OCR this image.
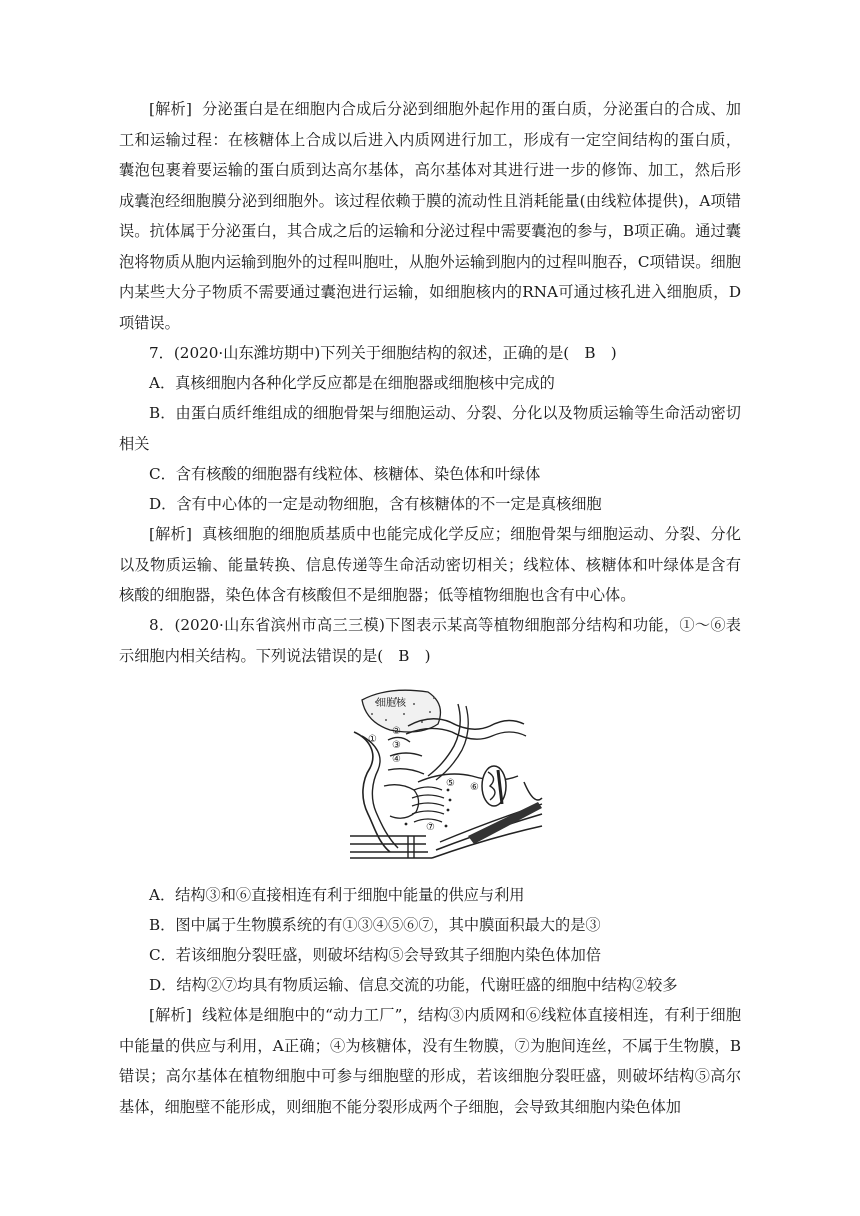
[解析] 分泌蛋白是在细胞内合成后分泌到细胞外起作用的蛋白质，分泌蛋白的合成、加工和运输过程：在核糖体上合成以后进入内质网进行加工，形成有一定空间结构的蛋白质，囊泡包裹着要运输的蛋白质到达高尔基体，高尔基体对其进行进一步的修饰、加工，然后形成囊泡经细胞膜分泌到细胞外。该过程依赖于膜的流动性且消耗能量(由线粒体提供)，A项错误。抗体属于分泌蛋白，其合成之后的运输和分泌过程中需要囊泡的参与，B项正确。通过囊泡将物质从胞内运输到胞外的过程叫胞吐，从胞外运输到胞内的过程叫胞吞，C项错误。细胞内某些大分子物质不需要通过囊泡进行运输，如细胞核内的RNA可通过核孔进入细胞质，D项错误。

7．(2020·山东潍坊期中)下列关于细胞结构的叙述，正确的是(　B　)

A．真核细胞内各种化学反应都是在细胞器或细胞核中完成的

B．由蛋白质纤维组成的细胞骨架与细胞运动、分裂、分化以及物质运输等生命活动密切相关

C．含有核酸的细胞器有线粒体、核糖体、染色体和叶绿体

D．含有中心体的一定是动物细胞，含有核糖体的不一定是真核细胞

[解析] 真核细胞的细胞质基质中也能完成化学反应；细胞骨架与细胞运动、分裂、分化以及物质运输、能量转换、信息传递等生命活动密切相关；线粒体、核糖体和叶绿体是含有核酸的细胞器，染色体含有核酸但不是细胞器；低等植物细胞也含有中心体。

8．(2020·山东省滨州市高三三模)下图表示某高等植物细胞部分结构和功能，①～⑥表示细胞内相关结构。下列说法错误的是(　B　)

细胞核
①
②
③
④
⑤ ⑥
⑦

A．结构③和⑥直接相连有利于细胞中能量的供应与利用

B．图中属于生物膜系统的有①③④⑤⑥⑦，其中膜面积最大的是③

C．若该细胞分裂旺盛，则破坏结构⑤会导致其子细胞内染色体加倍

D．结构②⑦均具有物质运输、信息交流的功能，代谢旺盛的细胞中结构②较多

[解析] 线粒体是细胞中的“动力工厂”，结构③内质网和⑥线粒体直接相连，有利于细胞中能量的供应与利用，A正确；④为核糖体，没有生物膜，⑦为胞间连丝，不属于生物膜，B错误；高尔基体在植物细胞中可参与细胞壁的形成，若该细胞分裂旺盛，则破坏结构⑤高尔基体，细胞壁不能形成，则细胞不能分裂形成两个子细胞，会导致其细胞内染色体加
